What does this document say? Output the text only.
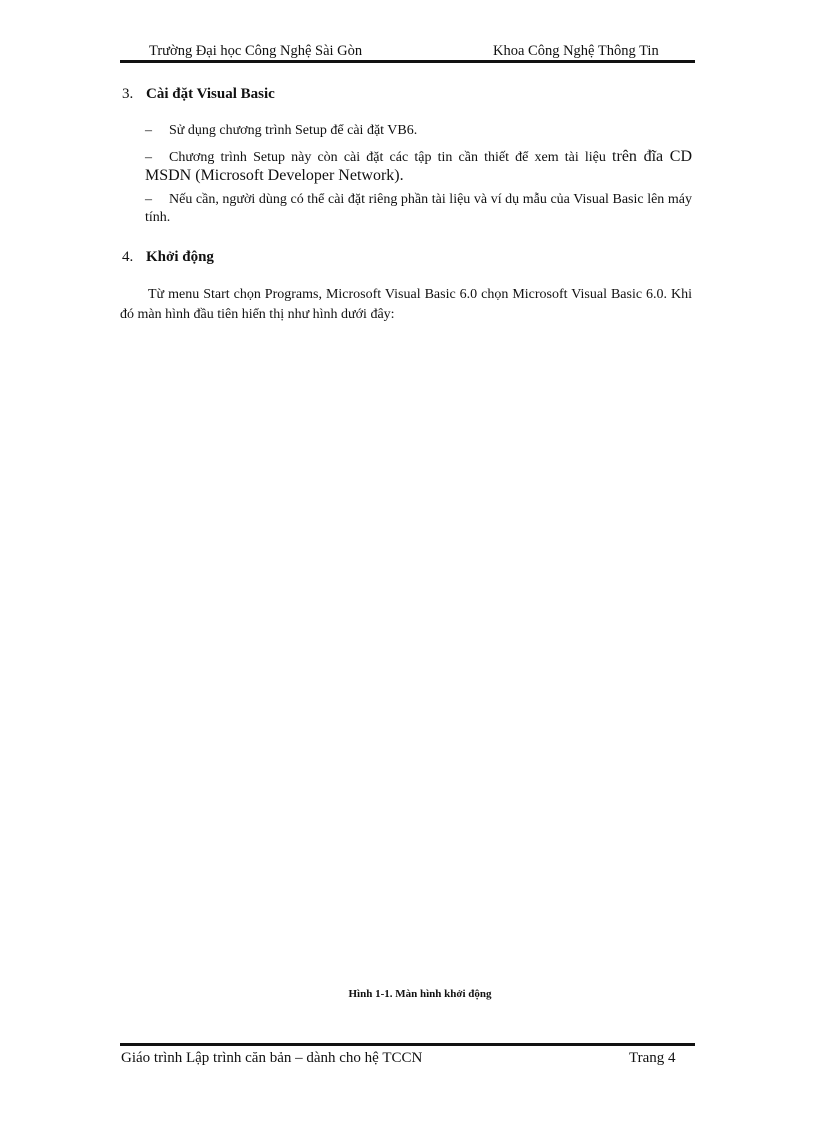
Trường Đại học Công Nghệ Sài Gòn	Khoa Công Nghệ Thông Tin
3. Cài đặt Visual Basic
– Sử dụng chương trình Setup để cài đặt VB6.
– Chương trình Setup này còn cài đặt các tập tin cần thiết để xem tài liệu trên đĩa CD MSDN (Microsoft Developer Network).
– Nếu cần, người dùng có thể cài đặt riêng phần tài liệu và ví dụ mẫu của Visual Basic lên máy tính.
4. Khởi động
Từ menu Start chọn Programs, Microsoft Visual Basic 6.0 chọn Microsoft Visual Basic 6.0. Khi đó màn hình đầu tiên hiển thị như hình dưới đây:
Hình 1-1. Màn hình khởi động
Giáo trình Lập trình căn bản – dành cho hệ TCCN	Trang 4
